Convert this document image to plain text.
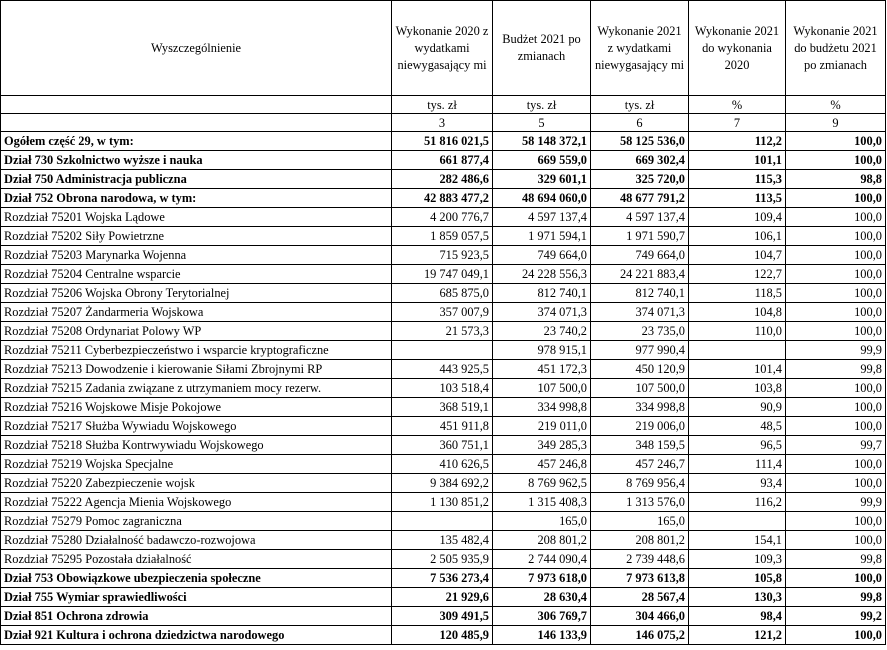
Wyszczególnienie	Wykonanie 2020 z wydatkami niewygasający mi	Budżet 2021 po zmianach	Wykonanie 2021 z wydatkami niewygasający mi	Wykonanie 2021 do wykonania 2020	Wykonanie 2021 do budżetu 2021 po zmianach
	tys. zł	tys. zł	tys. zł	%	%
	3	5	6	7	9
Ogółem część 29, w tym:	51 816 021,5	58 148 372,1	58 125 536,0	112,2	100,0
Dział 730 Szkolnictwo wyższe i nauka	661 877,4	669 559,0	669 302,4	101,1	100,0
Dział 750 Administracja publiczna	282 486,6	329 601,1	325 720,0	115,3	98,8
Dział 752 Obrona narodowa, w tym:	42 883 477,2	48 694 060,0	48 677 791,2	113,5	100,0
Rozdział 75201 Wojska Lądowe	4 200 776,7	4 597 137,4	4 597 137,4	109,4	100,0
Rozdział 75202 Siły Powietrzne	1 859 057,5	1 971 594,1	1 971 590,7	106,1	100,0
Rozdział 75203 Marynarka Wojenna	715 923,5	749 664,0	749 664,0	104,7	100,0
Rozdział 75204 Centralne wsparcie	19 747 049,1	24 228 556,3	24 221 883,4	122,7	100,0
Rozdział 75206 Wojska Obrony Terytorialnej	685 875,0	812 740,1	812 740,1	118,5	100,0
Rozdział 75207 Żandarmeria Wojskowa	357 007,9	374 071,3	374 071,3	104,8	100,0
Rozdział 75208 Ordynariat Polowy WP	21 573,3	23 740,2	23 735,0	110,0	100,0
Rozdział 75211 Cyberbezpieczeństwo i wsparcie kryptograficzne		978 915,1	977 990,4		99,9
Rozdział 75213 Dowodzenie i kierowanie Siłami Zbrojnymi RP	443 925,5	451 172,3	450 120,9	101,4	99,8
Rozdział 75215 Zadania związane z utrzymaniem mocy rezerw.	103 518,4	107 500,0	107 500,0	103,8	100,0
Rozdział 75216 Wojskowe Misje Pokojowe	368 519,1	334 998,8	334 998,8	90,9	100,0
Rozdział 75217 Służba Wywiadu Wojskowego	451 911,8	219 011,0	219 006,0	48,5	100,0
Rozdział 75218 Służba Kontrwywiadu Wojskowego	360 751,1	349 285,3	348 159,5	96,5	99,7
Rozdział 75219 Wojska Specjalne	410 626,5	457 246,8	457 246,7	111,4	100,0
Rozdział 75220 Zabezpieczenie wojsk	9 384 692,2	8 769 962,5	8 769 956,4	93,4	100,0
Rozdział 75222 Agencja Mienia Wojskowego	1 130 851,2	1 315 408,3	1 313 576,0	116,2	99,9
Rozdział 75279 Pomoc zagraniczna		165,0	165,0		100,0
Rozdział 75280 Działalność badawczo-rozwojowa	135 482,4	208 801,2	208 801,2	154,1	100,0
Rozdział 75295 Pozostała działalność	2 505 935,9	2 744 090,4	2 739 448,6	109,3	99,8
Dział 753 Obowiązkowe ubezpieczenia społeczne	7 536 273,4	7 973 618,0	7 973 613,8	105,8	100,0
Dział 755 Wymiar sprawiedliwości	21 929,6	28 630,4	28 567,4	130,3	99,8
Dział 851 Ochrona zdrowia	309 491,5	306 769,7	304 466,0	98,4	99,2
Dział 921 Kultura i ochrona dziedzictwa narodowego	120 485,9	146 133,9	146 075,2	121,2	100,0
